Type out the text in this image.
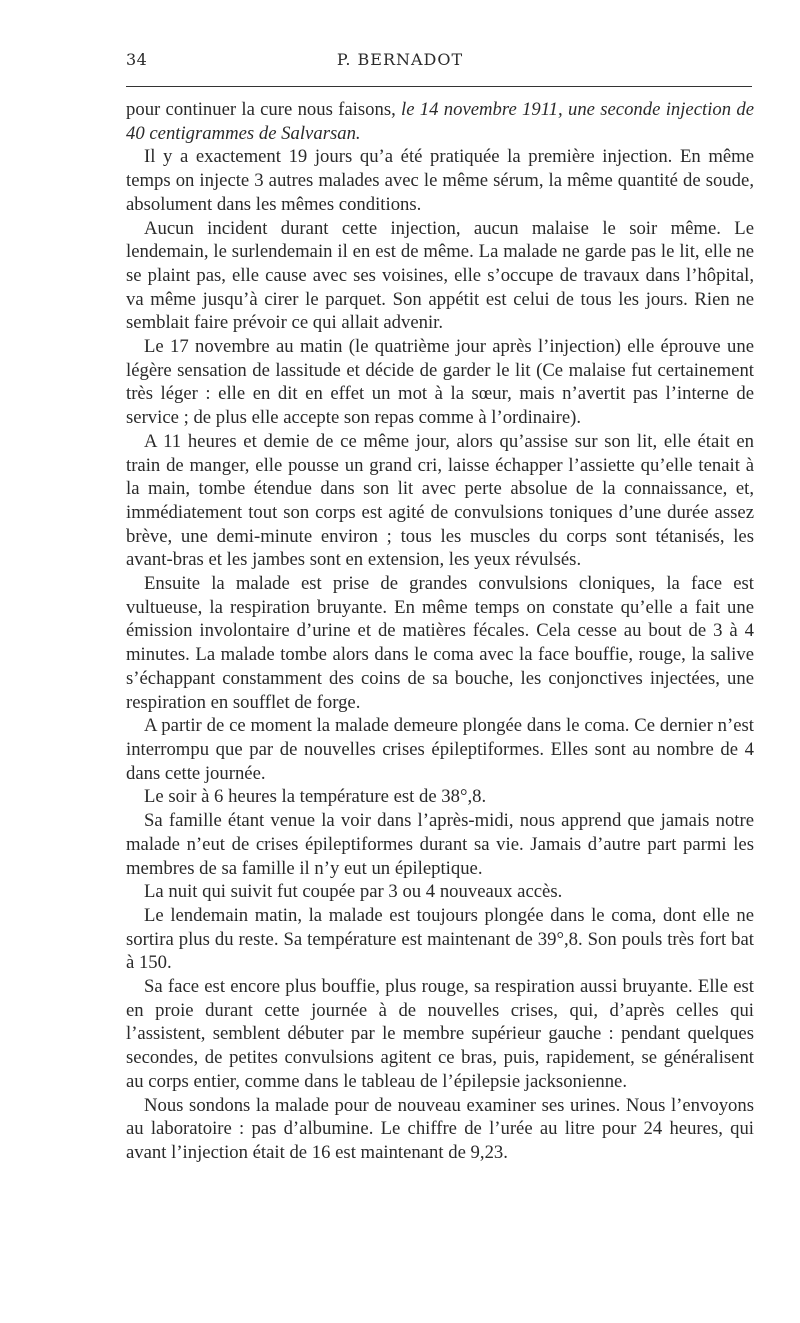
34	P. BERNADOT

pour continuer la cure nous faisons, le 14 novembre 1911, une seconde injection de 40 centigrammes de Salvarsan.

Il y a exactement 19 jours qu’a été pratiquée la première injection. En même temps on injecte 3 autres malades avec le même sérum, la même quantité de soude, absolument dans les mêmes conditions.

Aucun incident durant cette injection, aucun malaise le soir même. Le lendemain, le surlendemain il en est de même. La malade ne garde pas le lit, elle ne se plaint pas, elle cause avec ses voisines, elle s’occupe de travaux dans l’hôpital, va même jusqu’à cirer le parquet. Son appétit est celui de tous les jours. Rien ne semblait faire prévoir ce qui allait advenir.

Le 17 novembre au matin (le quatrième jour après l’injection) elle éprouve une légère sensation de lassitude et décide de garder le lit (Ce malaise fut certainement très léger : elle en dit en effet un mot à la sœur, mais n’avertit pas l’interne de service ; de plus elle accepte son repas comme à l’ordinaire).

A 11 heures et demie de ce même jour, alors qu’assise sur son lit, elle était en train de manger, elle pousse un grand cri, laisse échapper l’assiette qu’elle tenait à la main, tombe étendue dans son lit avec perte absolue de la connaissance, et, immédiatement tout son corps est agité de convulsions toniques d’une durée assez brève, une demi-minute environ ; tous les muscles du corps sont tétanisés, les avant-bras et les jambes sont en extension, les yeux révulsés.

Ensuite la malade est prise de grandes convulsions cloniques, la face est vultueuse, la respiration bruyante. En même temps on constate qu’elle a fait une émission involontaire d’urine et de matières fécales. Cela cesse au bout de 3 à 4 minutes. La malade tombe alors dans le coma avec la face bouffie, rouge, la salive s’échappant constamment des coins de sa bouche, les conjonctives injectées, une respiration en soufflet de forge.

A partir de ce moment la malade demeure plongée dans le coma. Ce dernier n’est interrompu que par de nouvelles crises épileptiformes. Elles sont au nombre de 4 dans cette journée.

Le soir à 6 heures la température est de 38°,8.

Sa famille étant venue la voir dans l’après-midi, nous apprend que jamais notre malade n’eut de crises épileptiformes durant sa vie. Jamais d’autre part parmi les membres de sa famille il n’y eut un épileptique.

La nuit qui suivit fut coupée par 3 ou 4 nouveaux accès.

Le lendemain matin, la malade est toujours plongée dans le coma, dont elle ne sortira plus du reste. Sa température est maintenant de 39°,8. Son pouls très fort bat à 150.

Sa face est encore plus bouffie, plus rouge, sa respiration aussi bruyante. Elle est en proie durant cette journée à de nouvelles crises, qui, d’après celles qui l’assistent, semblent débuter par le membre supérieur gauche : pendant quelques secondes, de petites convulsions agitent ce bras, puis, rapidement, se généralisent au corps entier, comme dans le tableau de l’épilepsie jacksonienne.

Nous sondons la malade pour de nouveau examiner ses urines. Nous l’envoyons au laboratoire : pas d’albumine. Le chiffre de l’urée au litre pour 24 heures, qui avant l’injection était de 16 est maintenant de 9,23.
